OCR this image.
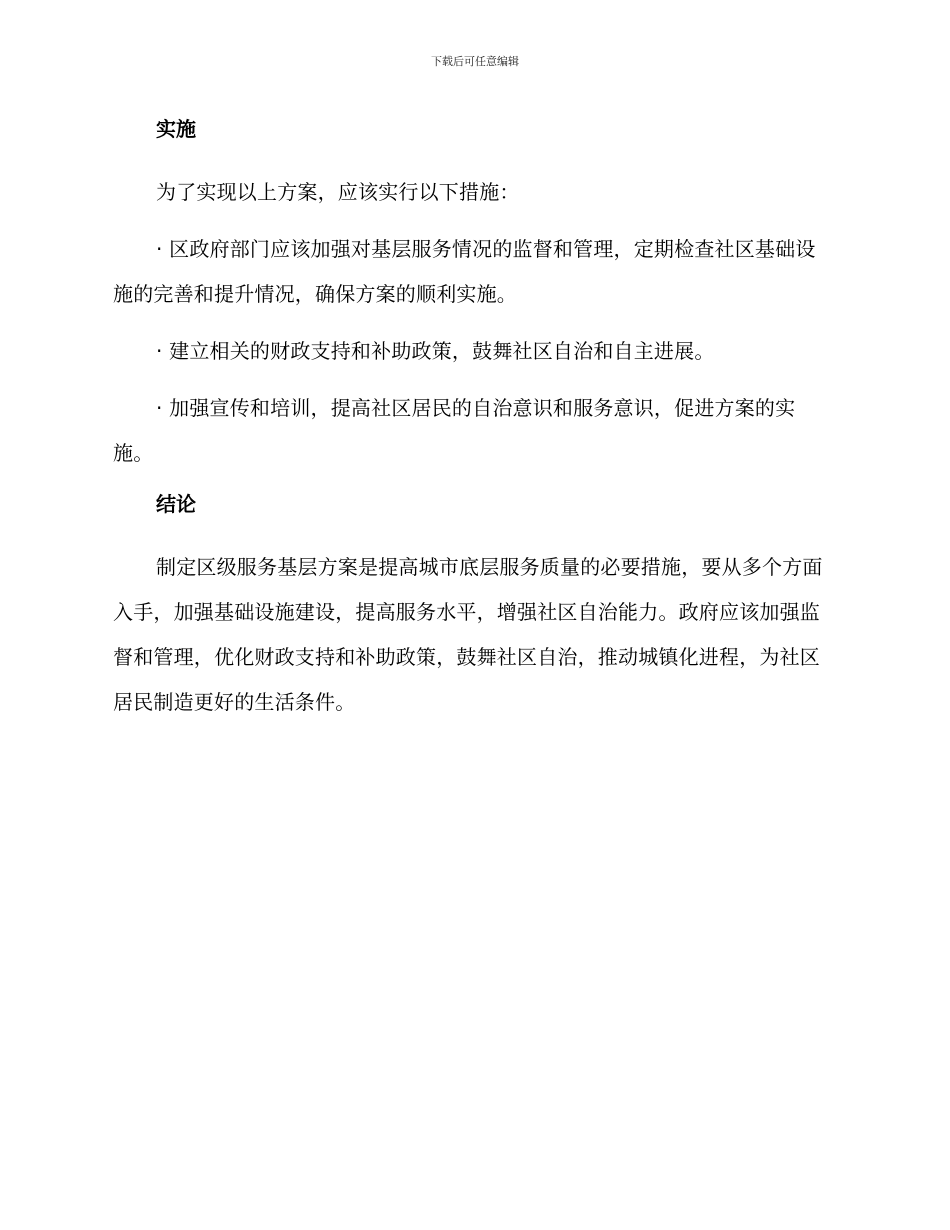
下载后可任意编辑
实施

为了实现以上方案，应该实行以下措施：

· 区政府部门应该加强对基层服务情况的监督和管理，定期检查社区基础设施的完善和提升情况，确保方案的顺利实施。

· 建立相关的财政支持和补助政策，鼓舞社区自治和自主进展。

· 加强宣传和培训，提高社区居民的自治意识和服务意识，促进方案的实施。

结论

制定区级服务基层方案是提高城市底层服务质量的必要措施，要从多个方面入手，加强基础设施建设，提高服务水平，增强社区自治能力。政府应该加强监督和管理，优化财政支持和补助政策，鼓舞社区自治，推动城镇化进程，为社区居民制造更好的生活条件。
